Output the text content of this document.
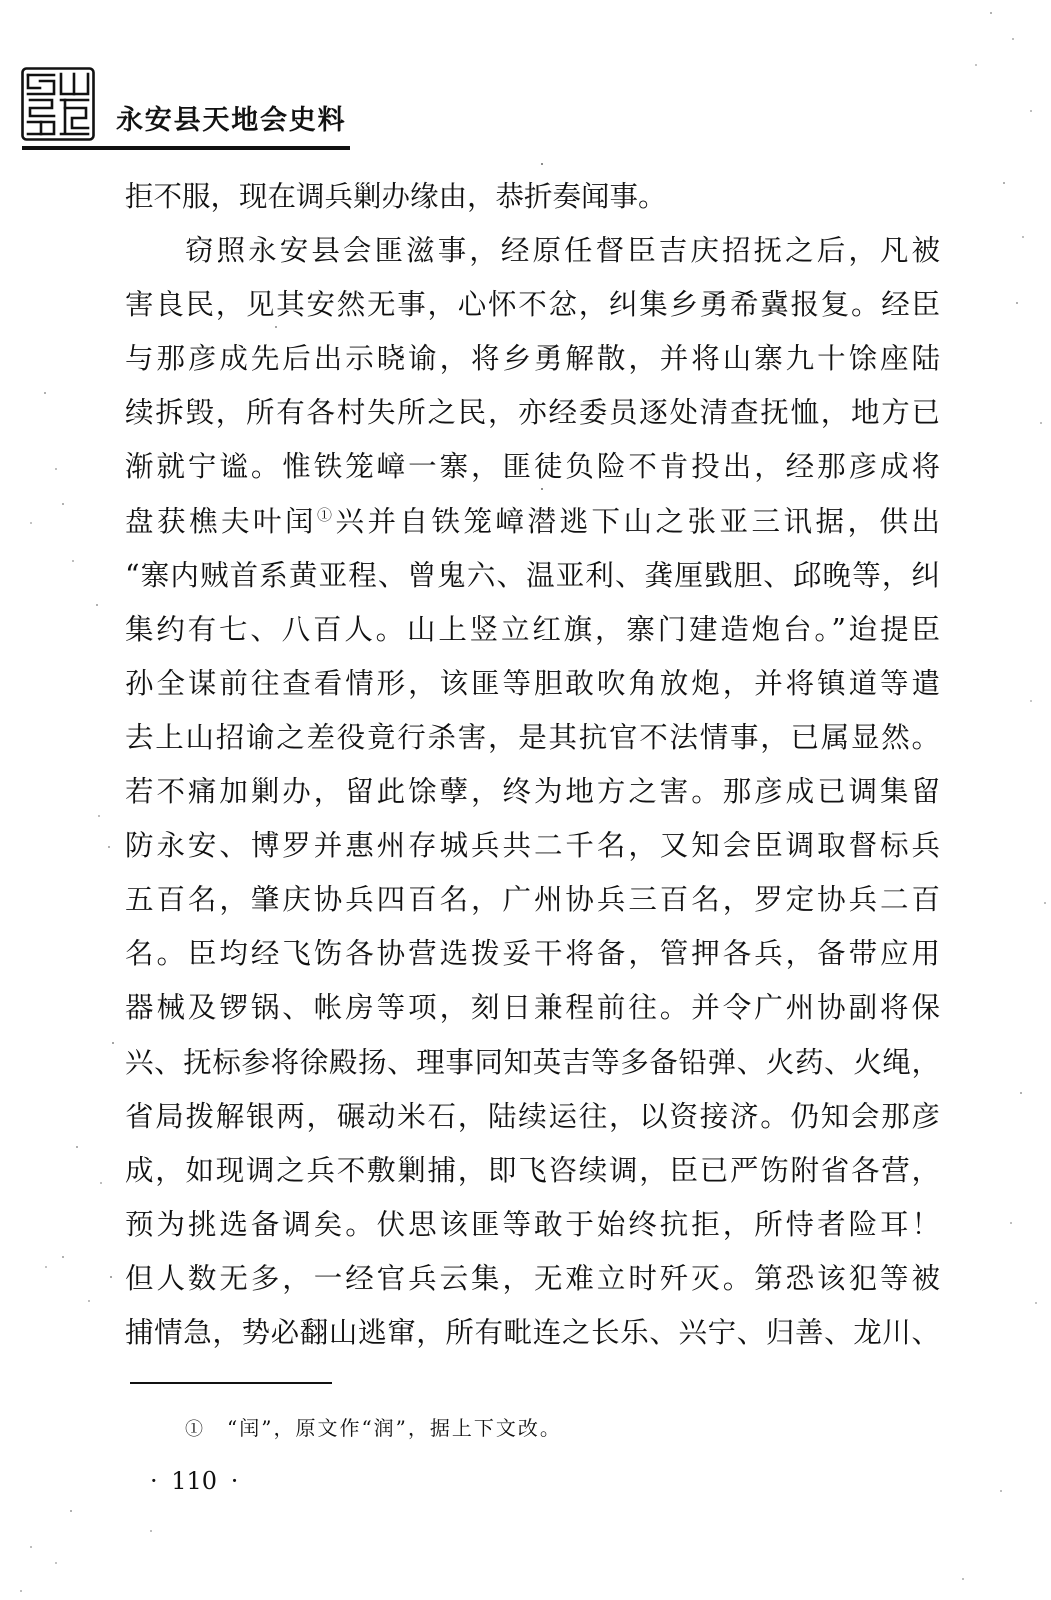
永安县天地会史料
拒不服，现在调兵剿办缘由，恭折奏闻事。
窃照永安县会匪滋事，经原任督臣吉庆招抚之后，凡被
害良民，见其安然无事，心怀不忿，纠集乡勇希冀报复。经臣
与那彦成先后出示晓谕，将乡勇解散，并将山寨九十馀座陆
续拆毁，所有各村失所之民，亦经委员逐处清查抚恤，地方已
渐就宁谧。惟铁笼嶂一寨，匪徒负险不肯投出，经那彦成将
盘获樵夫叶闰①兴并自铁笼嶂潜逃下山之张亚三讯据，供出
“寨内贼首系黄亚程、曾鬼六、温亚利、龚厘戥胆、邱晚等，纠
集约有七、八百人。山上竖立红旗，寨门建造炮台。”迨提臣
孙全谋前往查看情形，该匪等胆敢吹角放炮，并将镇道等遣
去上山招谕之差役竟行杀害，是其抗官不法情事，已属显然。
若不痛加剿办，留此馀孽，终为地方之害。那彦成已调集留
防永安、博罗并惠州存城兵共二千名，又知会臣调取督标兵
五百名，肇庆协兵四百名，广州协兵三百名，罗定协兵二百
名。臣均经飞饬各协营选拨妥干将备，管押各兵，备带应用
器械及锣锅、帐房等项，刻日兼程前往。并令广州协副将保
兴、抚标参将徐殿扬、理事同知英吉等多备铅弹、火药、火绳，
省局拨解银两，碾动米石，陆续运往，以资接济。仍知会那彦
成，如现调之兵不敷剿捕，即飞咨续调，臣已严饬附省各营，
预为挑选备调矣。伏思该匪等敢于始终抗拒，所恃者险耳！
但人数无多，一经官兵云集，无难立时歼灭。第恐该犯等被
捕情急，势必翻山逃窜，所有毗连之长乐、兴宁、归善、龙川、
① “闰”，原文作“润”，据上下文改。
· 110 ·
